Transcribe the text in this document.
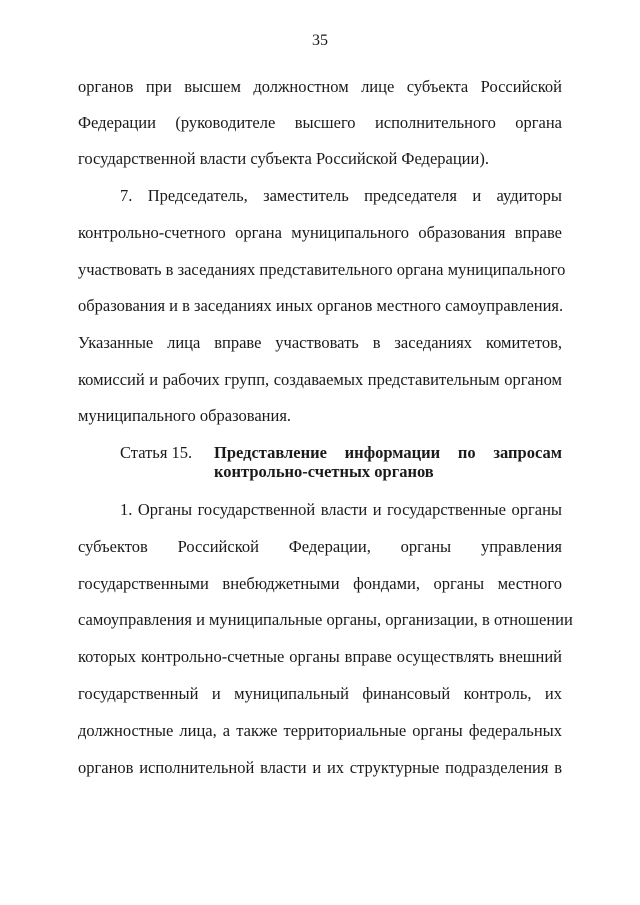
35
органов при высшем должностном лице субъекта Российской
Федерации (руководителе высшего исполнительного органа
государственной власти субъекта Российской Федерации).
7. Председатель, заместитель председателя и аудиторы
контрольно-счетного органа муниципального образования вправе
участвовать в заседаниях представительного органа муниципального
образования и в заседаниях иных органов местного самоуправления.
Указанные лица вправе участвовать в заседаниях комитетов,
комиссий и рабочих групп, создаваемых представительным органом
муниципального образования.
Статья 15. Представление информации по запросам
контрольно-счетных органов
1. Органы государственной власти и государственные органы
субъектов Российской Федерации, органы управления
государственными внебюджетными фондами, органы местного
самоуправления и муниципальные органы, организации, в отношении
которых контрольно-счетные органы вправе осуществлять внешний
государственный и муниципальный финансовый контроль, их
должностные лица, а также территориальные органы федеральных
органов исполнительной власти и их структурные подразделения в
